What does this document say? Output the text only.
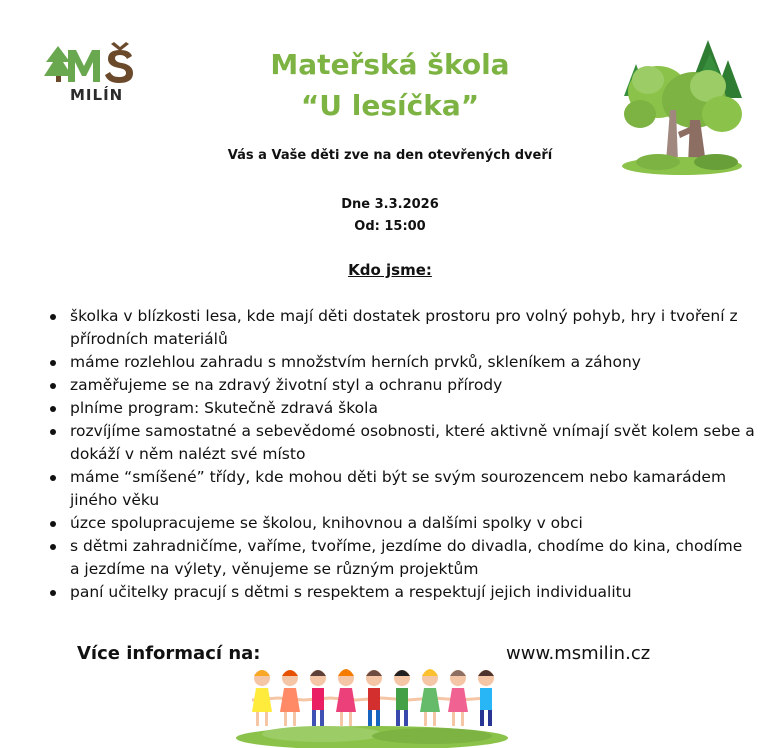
MILÍN
Mateřská škola
“U lesíčka”
Vás a Vaše děti zve na den otevřených dveří
Dne 3.3.2026
Od: 15:00
Kdo jsme:
školka v blízkosti lesa, kde mají děti dostatek prostoru pro volný pohyb, hry i tvoření z přírodních materiálů
máme rozlehlou zahradu s množstvím herních prvků, skleníkem a záhony
zaměřujeme se na zdravý životní styl a ochranu přírody
plníme program: Skutečně zdravá škola
rozvíjíme samostatné a sebevědomé osobnosti, které aktivně vnímají svět kolem sebe a dokáží v něm nalézt své místo
máme “smíšené” třídy, kde mohou děti být se svým sourozencem nebo kamarádem jiného věku
úzce spolupracujeme se školou, knihovnou a dalšími spolky v obci
s dětmi zahradničíme, vaříme, tvoříme, jezdíme do divadla, chodíme do kina, chodíme a jezdíme na výlety, věnujeme se různým projektům
paní učitelky pracují s dětmi s respektem a respektují jejich individualitu
Více informací na:	www.msmilin.cz
